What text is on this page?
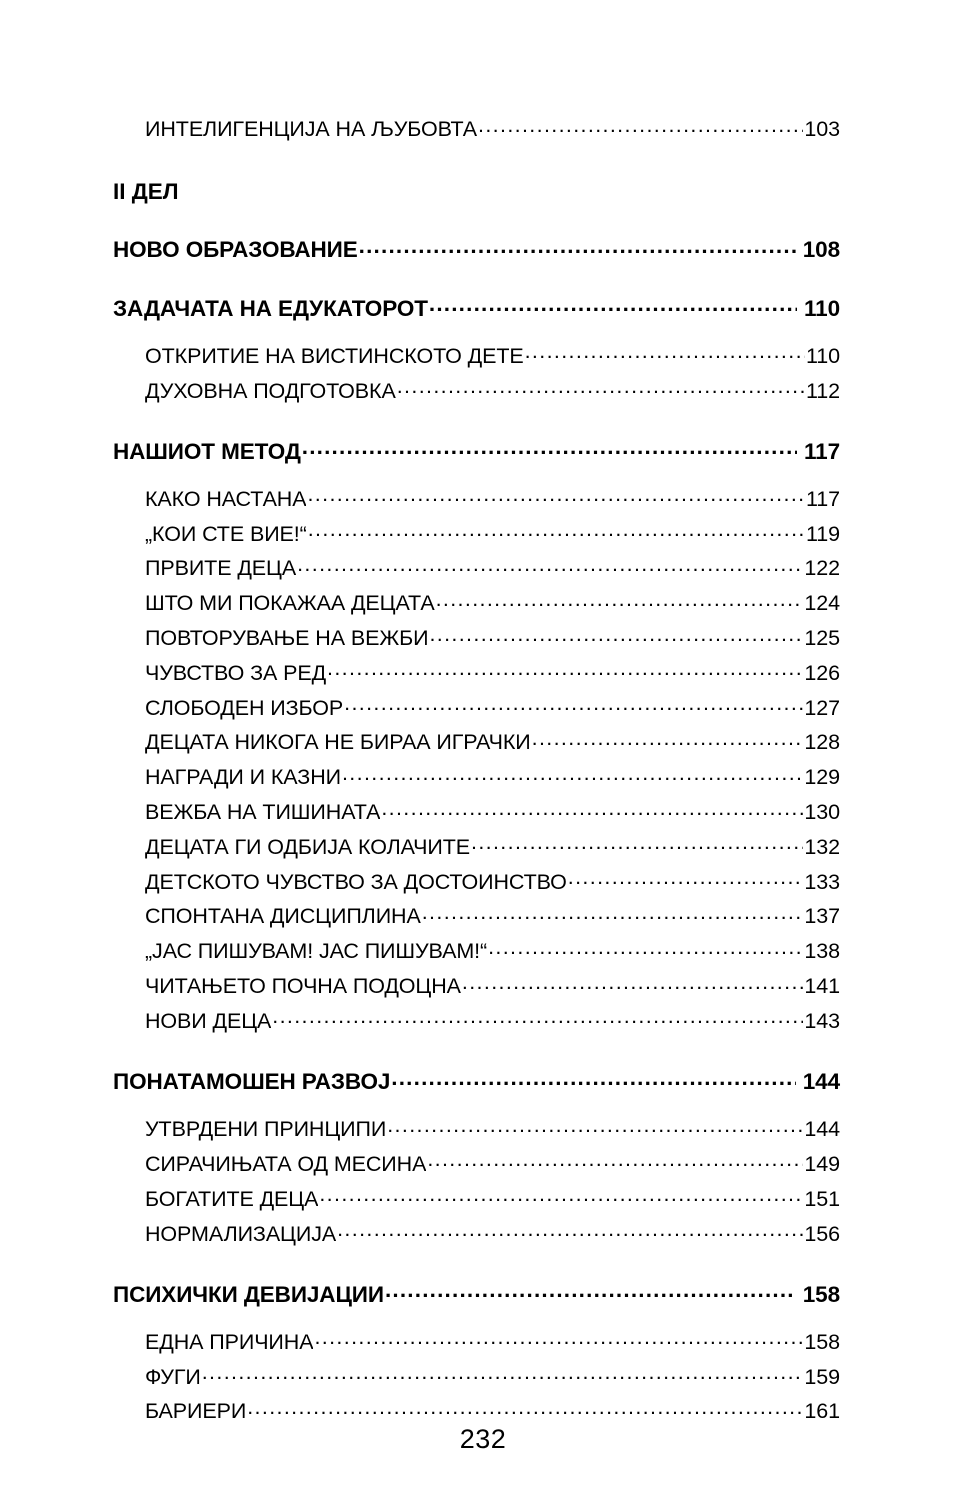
ИНТЕЛИГЕНЦИЈА НА ЉУБОВТА .....	103
II ДЕЛ
НОВО ОБРАЗОВАНИЕ .....	108
ЗАДАЧАТА НА ЕДУКАТОРОТ .....	110
ОТКРИТИЕ НА ВИСТИНСКОТО ДЕТЕ .....	110
ДУХОВНА ПОДГОТОВКА .....	112
НАШИОТ МЕТОД .....	117
КАКО НАСТАНА .....	117
„КОИ СТЕ ВИЕ!“ .....	119
ПРВИТЕ ДЕЦА .....	122
ШТО МИ ПОКАЖАА ДЕЦАТА .....	124
ПОВТОРУВАЊЕ НА ВЕЖБИ .....	125
ЧУВСТВО ЗА РЕД .....	126
СЛОБОДЕН ИЗБОР .....	127
ДЕЦАТА НИКОГА НЕ БИРАА ИГРАЧКИ .....	128
НАГРАДИ И КАЗНИ .....	129
ВЕЖБА НА ТИШИНАТА .....	130
ДЕЦАТА ГИ ОДБИЈА КОЛАЧИТЕ .....	132
ДЕТСКОТО ЧУВСТВО ЗА ДОСТОИНСТВО .....	133
СПОНТАНА ДИСЦИПЛИНА .....	137
„ЈАС ПИШУВАМ! ЈАС ПИШУВАМ!“ .....	138
ЧИТАЊЕТО ПОЧНА ПОДОЦНА .....	141
НОВИ ДЕЦА .....	143
ПОНАТАМОШЕН РАЗВОЈ .....	144
УТВРДЕНИ ПРИНЦИПИ .....	144
СИРАЧИЊАТА ОД МЕСИНА .....	149
БОГАТИТЕ ДЕЦА .....	151
НОРМАЛИЗАЦИЈА .....	156
ПСИХИЧКИ ДЕВИЈАЦИИ .....	158
ЕДНА ПРИЧИНА .....	158
ФУГИ .....	159
БАРИЕРИ .....	161
232
